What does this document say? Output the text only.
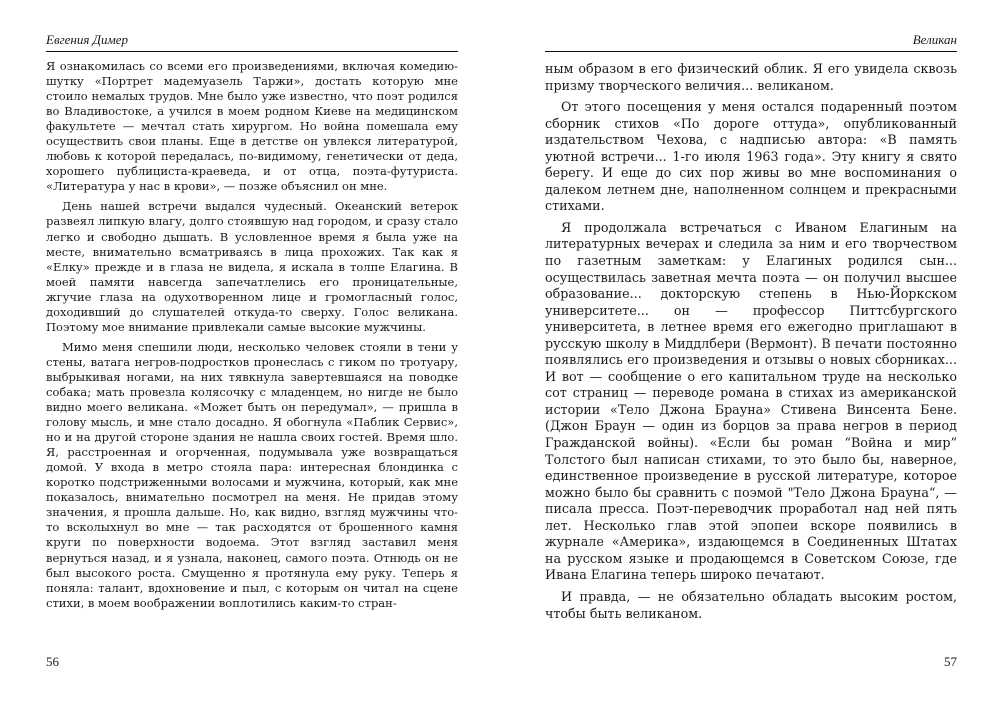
Евгения Димер

Я ознакомилась со всеми его произведениями, включая комедию-шутку «Портрет мадемуазель Таржи», достать которую мне стоило немалых трудов. Мне было уже известно, что поэт родился во Владивостоке, а учился в моем родном Киеве на медицинском факультете — мечтал стать хирургом. Но война помешала ему осуществить свои планы. Еще в детстве он увлекся литературой, любовь к которой передалась, по-видимому, генетически от деда, хорошего публициста-краеведа, и от отца, поэта-футуриста. «Литература у нас в крови», — позже объяснил он мне.

День нашей встречи выдался чудесный. Океанский ветерок развеял липкую влагу, долго стоявшую над городом, и сразу стало легко и свободно дышать. В условленное время я была уже на месте, внимательно всматриваясь в лица прохожих. Так как я «Елку» прежде и в глаза не видела, я искала в толпе Елагина. В моей памяти навсегда запечатлелись его проницательные, жгучие глаза на одухотворенном лице и громогласный голос, доходивший до слушателей откуда-то сверху. Голос великана. Поэтому мое внимание привлекали самые высокие мужчины.

Мимо меня спешили люди, несколько человек стояли в тени у стены, ватага негров-подростков пронеслась с гиком по тротуару, выбрыкивая ногами, на них тявкнула завертевшаяся на поводке собака; мать провезла колясочку с младенцем, но нигде не было видно моего великана. «Может быть он передумал», — пришла в голову мысль, и мне стало досадно. Я обогнула «Паблик Сервис», но и на другой стороне здания не нашла своих гостей. Время шло. Я, расстроенная и огорченная, подумывала уже возвращаться домой. У входа в метро стояла пара: интересная блондинка с коротко подстриженными волосами и мужчина, который, как мне показалось, внимательно посмотрел на меня. Не придав этому значения, я прошла дальше. Но, как видно, взгляд мужчины что-то всколыхнул во мне — так расходятся от брошенного камня круги по поверхности водоема. Этот взгляд заставил меня вернуться назад, и я узнала, наконец, самого поэта. Отнюдь он не был высокого роста. Смущенно я протянула ему руку. Теперь я поняла: талант, вдохновение и пыл, с которым он читал на сцене стихи, в моем воображении воплотились каким-то стран-

56
Великан

ным образом в его физический облик. Я его увидела сквозь призму творческого величия... великаном.

От этого посещения у меня остался подаренный поэтом сборник стихов «По дороге оттуда», опубликованный издательством Чехова, с надписью автора: «В память уютной встречи... 1-го июля 1963 года». Эту книгу я свято берегу. И еще до сих пор живы во мне воспоминания о далеком летнем дне, наполненном солнцем и прекрасными стихами.

Я продолжала встречаться с Иваном Елагиным на литературных вечерах и следила за ним и его творчеством по газетным заметкам: у Елагиных родился сын... осуществилась заветная мечта поэта — он получил высшее образование... докторскую степень в Нью-Йоркском университете... он — профессор Питтсбургского университета, в летнее время его ежегодно приглашают в русскую школу в Миддлбери (Вермонт). В печати постоянно появлялись его произведения и отзывы о новых сборниках... И вот — сообщение о его капитальном труде на несколько сот страниц — переводе романа в стихах из американской истории «Тело Джона Брауна» Стивена Винсента Бене. (Джон Браун — один из борцов за права негров в период Гражданской войны). «Если бы роман “Война и мир” Толстого был написан стихами, то это было бы, наверное, единственное произведение в русской литературе, которое можно было бы сравнить с поэмой "Тело Джона Брауна“, — писала пресса. Поэт-переводчик проработал над ней пять лет. Несколько глав этой эпопеи вскоре появились в журнале «Америка», издающемся в Соединенных Штатах на русском языке и продающемся в Советском Союзе, где Ивана Елагина теперь широко печатают.

И правда, — не обязательно обладать высоким ростом, чтобы быть великаном.

57
